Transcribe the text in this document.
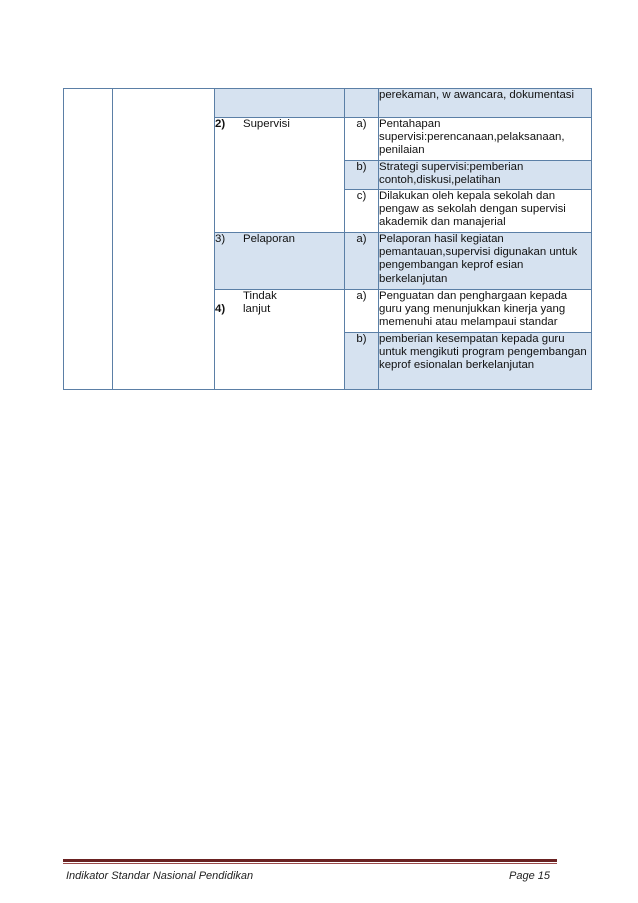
				perekaman, w awancara, dokumentasi
		2) Supervisi	a)	Pentahapan supervisi:perencanaan,pelaksanaan, penilaian
			b)	Strategi supervisi:pemberian contoh,diskusi,pelatihan
			c)	Dilakukan oleh kepala sekolah dan pengaw as sekolah dengan supervisi akademik dan manajerial
		3) Pelaporan	a)	Pelaporan hasil kegiatan pemantauan,supervisi digunakan untuk pengembangan keprof esian berkelanjutan
		4)Tindak lanjut	a)	Penguatan dan penghargaan kepada guru yang menunjukkan kinerja yang memenuhi atau melampaui standar
			b)	pemberian kesempatan kepada guru untuk mengikuti program pengembangan keprof esionalan berkelanjutan
Indikator Standar Nasional Pendidikan	Page 15
